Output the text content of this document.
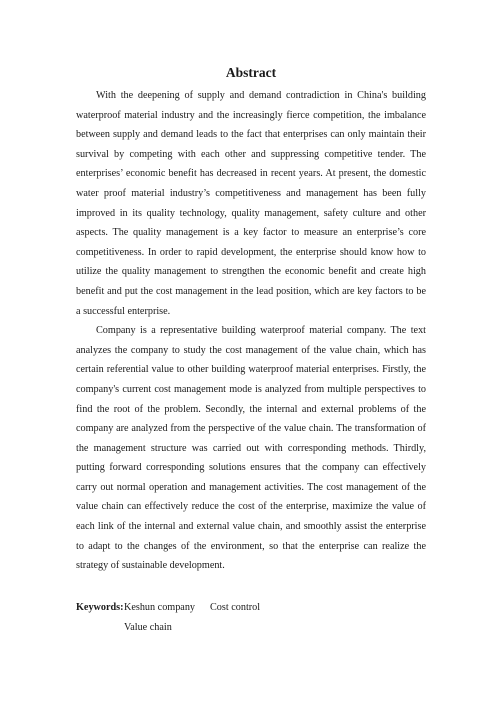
Abstract

With the deepening of supply and demand contradiction in China's building waterproof material industry and the increasingly fierce competition, the imbalance between supply and demand leads to the fact that enterprises can only maintain their survival by competing with each other and suppressing competitive tender. The enterprises’ economic benefit has decreased in recent years. At present, the domestic water proof material industry’s competitiveness and management has been fully improved in its quality technology, quality management, safety culture and other aspects. The quality management is a key factor to measure an enterprise’s core competitiveness. In order to rapid development, the enterprise should know how to utilize the quality management to strengthen the economic benefit and create high benefit and put the cost management in the lead position, which are key factors to be a successful enterprise.

Company is a representative building waterproof material company. The text analyzes the company to study the cost management of the value chain, which has certain referential value to other building waterproof material enterprises. Firstly, the company's current cost management mode is analyzed from multiple perspectives to find the root of the problem. Secondly, the internal and external problems of the company are analyzed from the perspective of the value chain. The transformation of the management structure was carried out with corresponding methods. Thirdly, putting forward corresponding solutions ensures that the company can effectively carry out normal operation and management activities. The cost management of the value chain can effectively reduce the cost of the enterprise, maximize the value of each link of the internal and external value chain, and smoothly assist the enterprise to adapt to the changes of the environment, so that the enterprise can realize the strategy of sustainable development.

Keywords: Keshun company Cost control
Value chain
